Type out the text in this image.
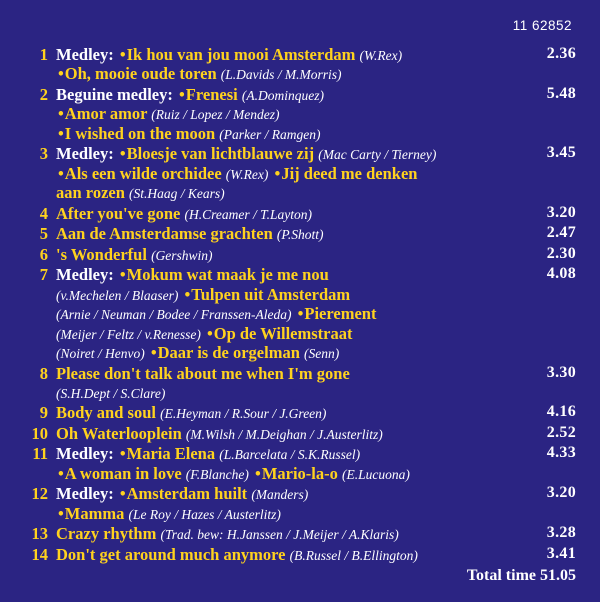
11 62852
1	2.36
Medley: •Ik hou van jou mooi Amsterdam (W.Rex)
•Oh, mooie oude toren (L.Davids / M.Morris)
2	5.48
Beguine medley: •Frenesi (A.Dominquez)
•Amor amor (Ruiz / Lopez / Mendez)
•I wished on the moon (Parker / Ramgen)
3	3.45
Medley: •Bloesje van lichtblauwe zij (Mac Carty / Tierney)
•Als een wilde orchidee (W.Rex) •Jij deed me denken
aan rozen (St.Haag / Kears)
4	3.20
After you've gone (H.Creamer / T.Layton)
5	2.47
Aan de Amsterdamse grachten (P.Shott)
6	2.30
's Wonderful (Gershwin)
7	4.08
Medley: •Mokum wat maak je me nou
(v.Mechelen / Blaaser) •Tulpen uit Amsterdam
(Arnie / Neuman / Bodee / Franssen-Aleda) •Pierement
(Meijer / Feltz / v.Renesse) •Op de Willemstraat
(Noiret / Henvo) •Daar is de orgelman (Senn)
8	3.30
Please don't talk about me when I'm gone
(S.H.Dept / S.Clare)
9	4.16
Body and soul (E.Heyman / R.Sour / J.Green)
10	2.52
Oh Waterlooplein (M.Wilsh / M.Deighan / J.Austerlitz)
11	4.33
Medley: •Maria Elena (L.Barcelata / S.K.Russel)
•A woman in love (F.Blanche) •Mario-la-o (E.Lucuona)
12	3.20
Medley: •Amsterdam huilt (Manders)
•Mamma (Le Roy / Hazes / Austerlitz)
13	3.28
Crazy rhythm (Trad. bew: H.Janssen / J.Meijer / A.Klaris)
14	3.41
Don't get around much anymore (B.Russel / B.Ellington)
Total time 51.05
